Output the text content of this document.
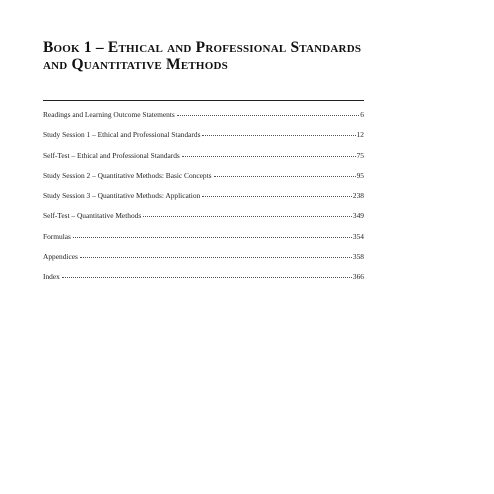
Book 1 – Ethical and Professional Standards and Quantitative Methods
Readings and Learning Outcome Statements	6
Study Session 1 – Ethical and Professional Standards	12
Self-Test – Ethical and Professional Standards	75
Study Session 2 – Quantitative Methods: Basic Concepts	95
Study Session 3 – Quantitative Methods: Application	238
Self-Test – Quantitative Methods	349
Formulas	354
Appendices	358
Index	366
